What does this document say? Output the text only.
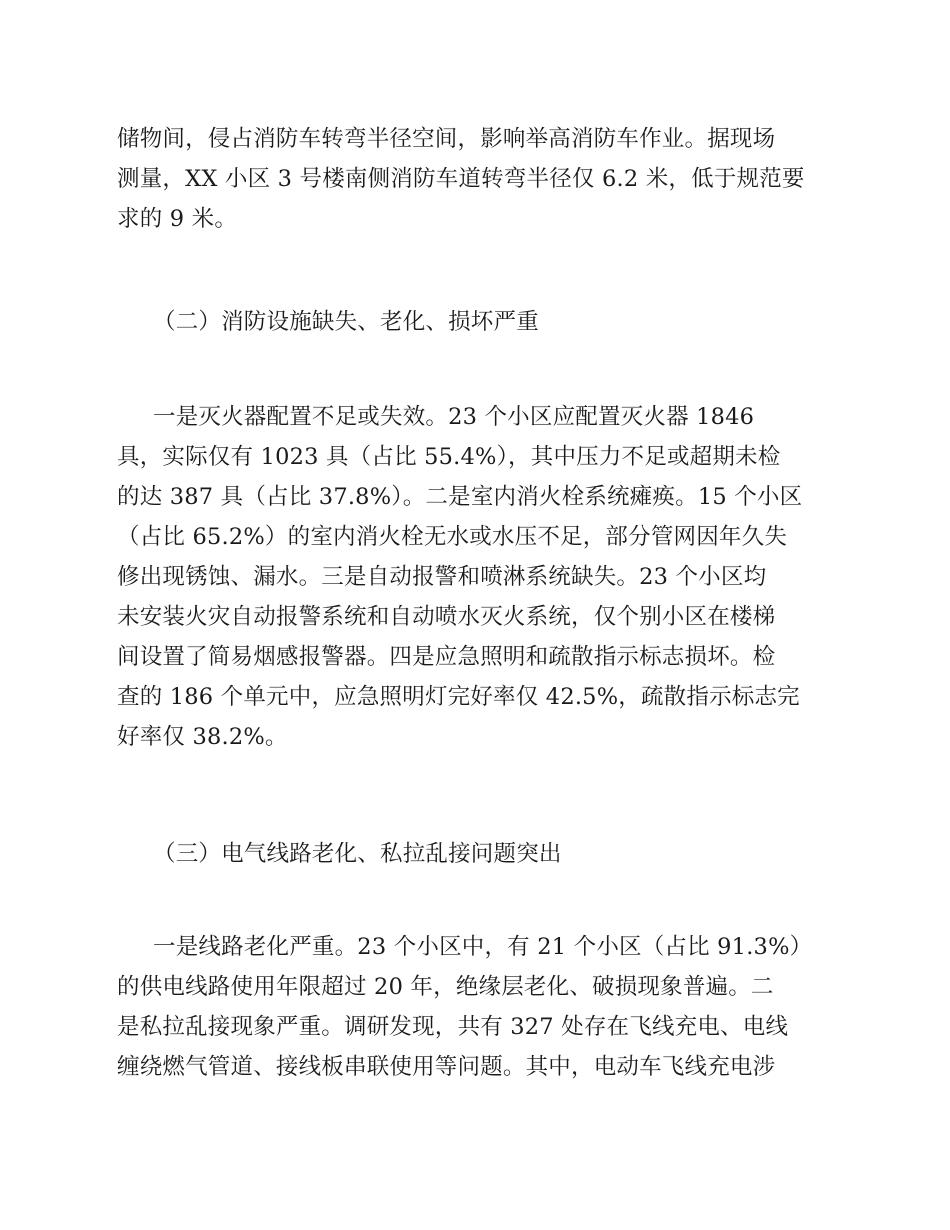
储物间，侵占消防车转弯半径空间，影响举高消防车作业。据现场
测量，XX 小区 3 号楼南侧消防车道转弯半径仅 6.2 米，低于规范要
求的 9 米。
（二）消防设施缺失、老化、损坏严重
一是灭火器配置不足或失效。23 个小区应配置灭火器 1846
具，实际仅有 1023 具（占比 55.4%），其中压力不足或超期未检
的达 387 具（占比 37.8%）。二是室内消火栓系统瘫痪。15 个小区
（占比 65.2%）的室内消火栓无水或水压不足，部分管网因年久失
修出现锈蚀、漏水。三是自动报警和喷淋系统缺失。23 个小区均
未安装火灾自动报警系统和自动喷水灭火系统，仅个别小区在楼梯
间设置了简易烟感报警器。四是应急照明和疏散指示标志损坏。检
查的 186 个单元中，应急照明灯完好率仅 42.5%，疏散指示标志完
好率仅 38.2%。
（三）电气线路老化、私拉乱接问题突出
一是线路老化严重。23 个小区中，有 21 个小区（占比 91.3%）
的供电线路使用年限超过 20 年，绝缘层老化、破损现象普遍。二
是私拉乱接现象严重。调研发现，共有 327 处存在飞线充电、电线
缠绕燃气管道、接线板串联使用等问题。其中，电动车飞线充电涉
